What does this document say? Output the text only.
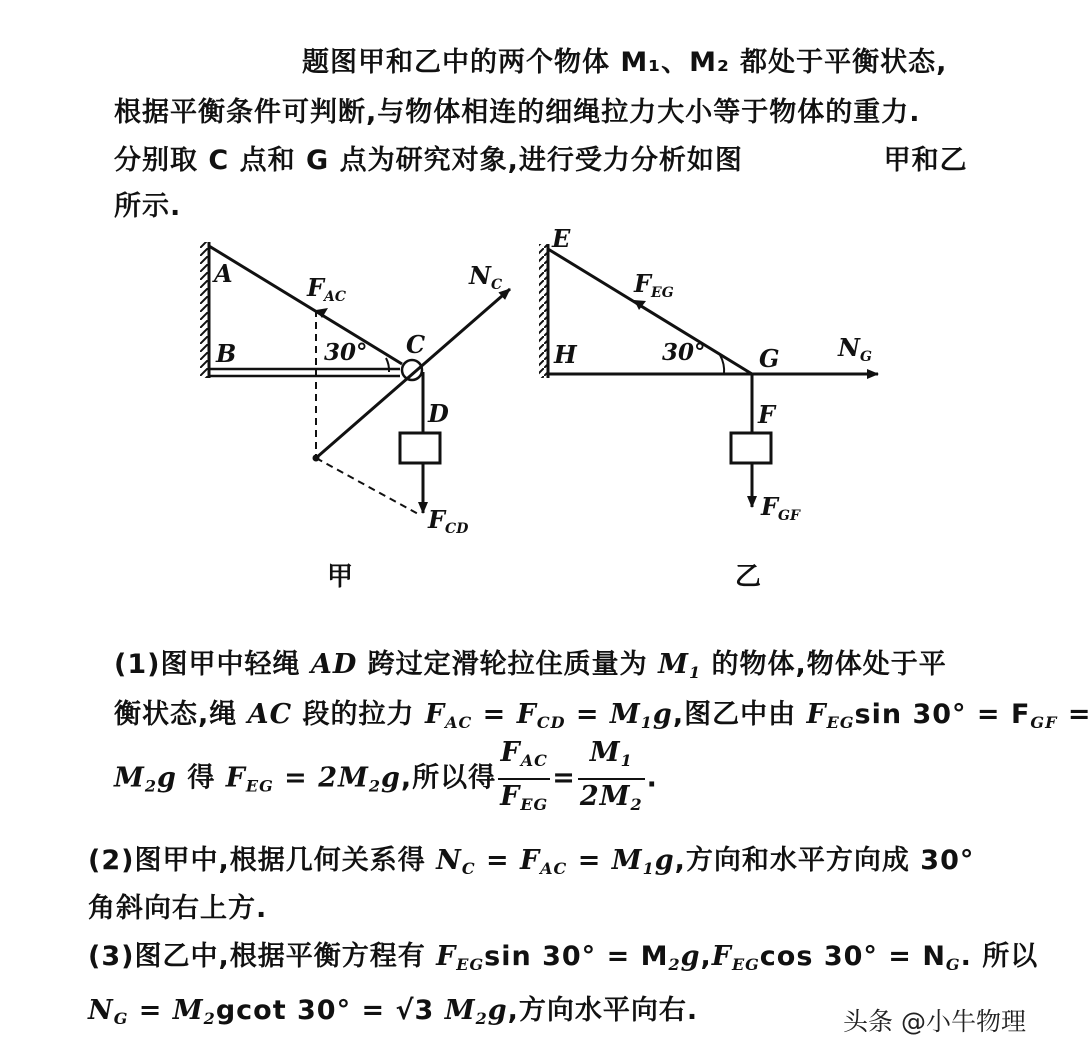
题图甲和乙中的两个物体 M₁、M₂ 都处于平衡状态,
根据平衡条件可判断,与物体相连的细绳拉力大小等于物体的重力.
分别取 C 点和 G 点为研究对象,进行受力分析如图	甲和乙
所示.
A
B	C
D
30°
$F_{AC}$
$N_C$
$F_{CD}$
甲
E
H	G
F
30°
$F_{EG}$
$N_G$
$F_{GF}$
乙
(1)图甲中轻绳 AD 跨过定滑轮拉住质量为 $M_1$ 的物体,物体处于平
衡状态,绳 AC 段的拉力 $F_{AC} = F_{CD} = M_1g$,图乙中由 $F_{EG}\sin$ $30^\circ = F_{GF}$ =
$M_2g$ 得 $F_{EG} = 2M_2g$,所以得 $\frac{F_{AC}}{F_{EG}} = \frac{M_1}{2M_2}$ .
(2)图甲中,根据几何关系得 $N_C = F_{AC} = M_1g$,方向和水平方向成 30°
角斜向右上方.
(3)图乙中,根据平衡方程有 $F_{EG}\sin$ $30^\circ = M_2g,F_{EG}\cos$ $30^\circ = N_G$. 所以
$N_G = M_2gcot$ 30° = √3 $M_2g$,方向水平向右.	头条 @小牛物理
